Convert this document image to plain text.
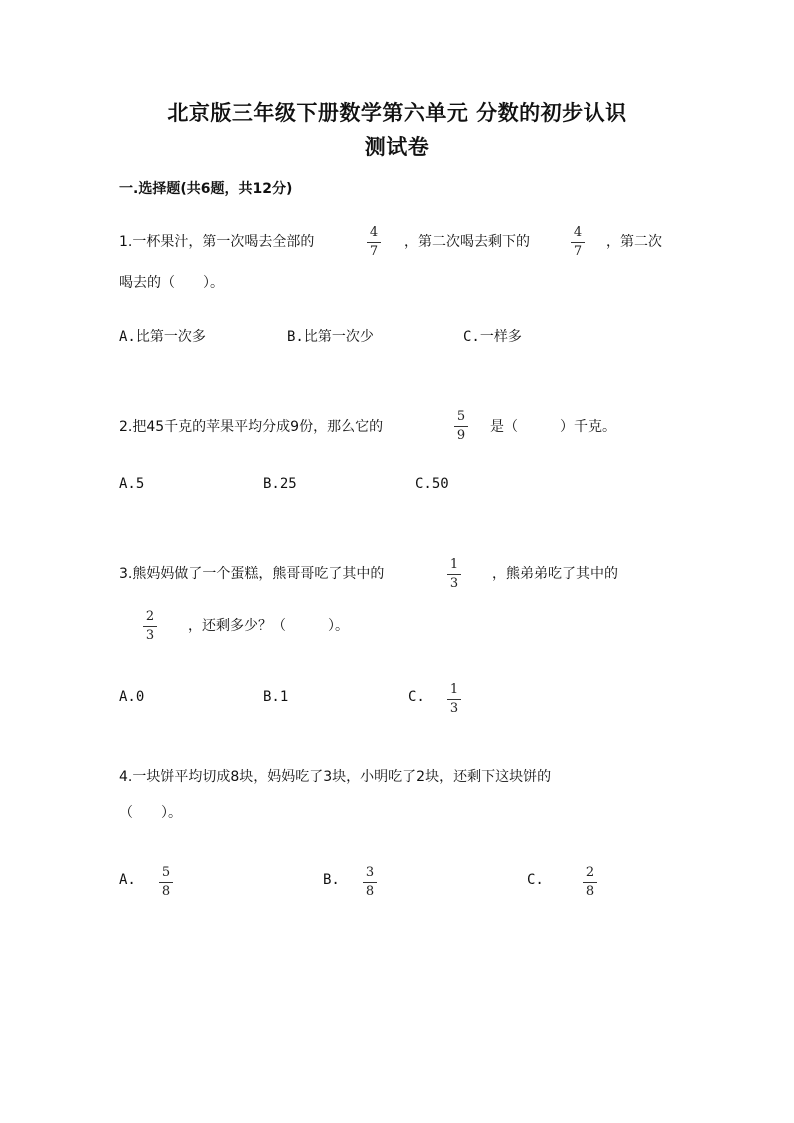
北京版三年级下册数学第六单元 分数的初步认识
测试卷
一.选择题(共6题，共12分)
1.一杯果汁，第一次喝去全部的
4
7
，第二次喝去剩下的
4
7
，第二次
喝去的（　　）。
A.比第一次多	B.比第一次少	C.一样多
2.把45千克的苹果平均分成9份，那么它的
5
9
是（　　　）千克。
A.5	B.25	C.50
3.熊妈妈做了一个蛋糕，熊哥哥吃了其中的
1
3
，熊弟弟吃了其中的
2
3
，还剩多少？（　　　）。
A.0	B.1	C.	1
3
4.一块饼平均切成8块，妈妈吃了3块，小明吃了2块，还剩下这块饼的
（　　）。
A.	5
8
B.	3
8
C.	2
8
